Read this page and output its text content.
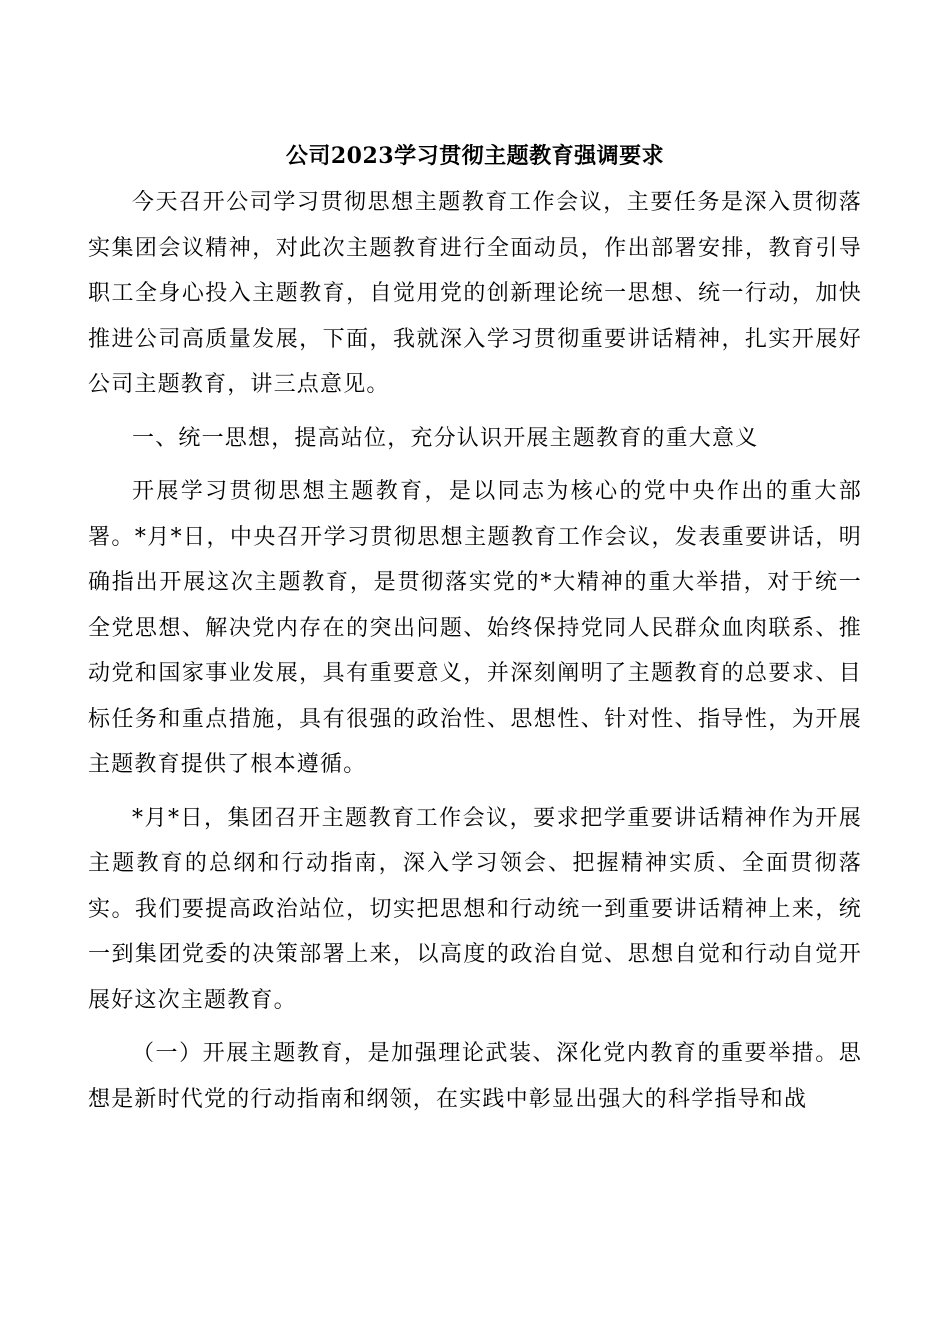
公司2023学习贯彻主题教育强调要求

今天召开公司学习贯彻思想主题教育工作会议，主要任务是深入贯彻落实集团会议精神，对此次主题教育进行全面动员，作出部署安排，教育引导职工全身心投入主题教育，自觉用党的创新理论统一思想、统一行动，加快推进公司高质量发展，下面，我就深入学习贯彻重要讲话精神，扎实开展好公司主题教育，讲三点意见。

一、统一思想，提高站位，充分认识开展主题教育的重大意义

开展学习贯彻思想主题教育，是以同志为核心的党中央作出的重大部署。*月*日，中央召开学习贯彻思想主题教育工作会议，发表重要讲话，明确指出开展这次主题教育，是贯彻落实党的*大精神的重大举措，对于统一全党思想、解决党内存在的突出问题、始终保持党同人民群众血肉联系、推动党和国家事业发展，具有重要意义，并深刻阐明了主题教育的总要求、目标任务和重点措施，具有很强的政治性、思想性、针对性、指导性，为开展主题教育提供了根本遵循。

*月*日，集团召开主题教育工作会议，要求把学重要讲话精神作为开展主题教育的总纲和行动指南，深入学习领会、把握精神实质、全面贯彻落实。我们要提高政治站位，切实把思想和行动统一到重要讲话精神上来，统一到集团党委的决策部署上来，以高度的政治自觉、思想自觉和行动自觉开展好这次主题教育。

（一）开展主题教育，是加强理论武装、深化党内教育的重要举措。思想是新时代党的行动指南和纲领，在实践中彰显出强大的科学指导和战
